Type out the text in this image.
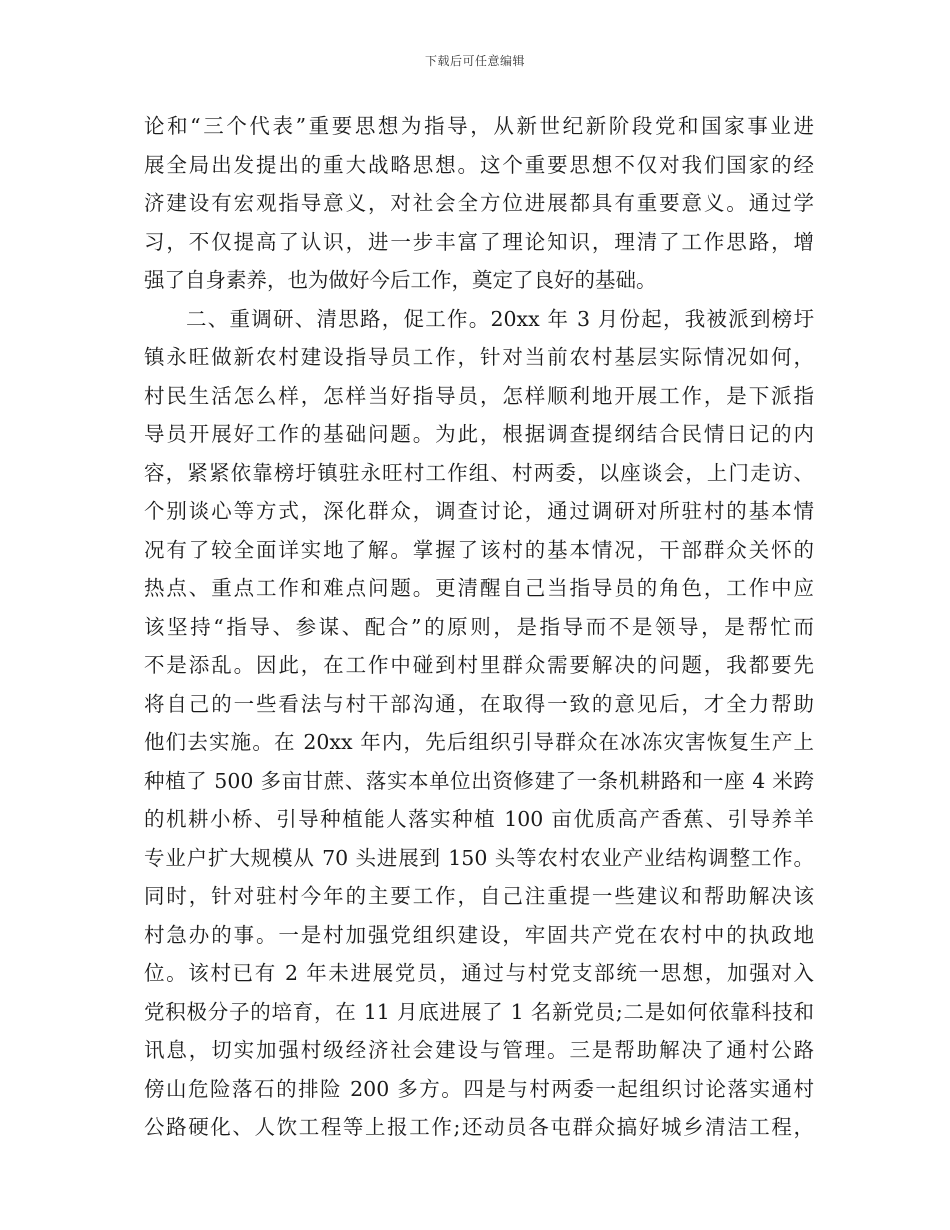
下载后可任意编辑
论和“三个代表”重要思想为指导，从新世纪新阶段党和国家事业进
展全局出发提出的重大战略思想。这个重要思想不仅对我们国家的经
济建设有宏观指导意义，对社会全方位进展都具有重要意义。通过学
习，不仅提高了认识，进一步丰富了理论知识，理清了工作思路，增
强了自身素养，也为做好今后工作，奠定了良好的基础。
二、重调研、清思路，促工作。20xx 年 3 月份起，我被派到榜圩
镇永旺做新农村建设指导员工作，针对当前农村基层实际情况如何，
村民生活怎么样，怎样当好指导员，怎样顺利地开展工作，是下派指
导员开展好工作的基础问题。为此，根据调查提纲结合民情日记的内
容，紧紧依靠榜圩镇驻永旺村工作组、村两委，以座谈会，上门走访、
个别谈心等方式，深化群众，调查讨论，通过调研对所驻村的基本情
况有了较全面详实地了解。掌握了该村的基本情况，干部群众关怀的
热点、重点工作和难点问题。更清醒自己当指导员的角色，工作中应
该坚持“指导、参谋、配合”的原则，是指导而不是领导，是帮忙而
不是添乱。因此，在工作中碰到村里群众需要解决的问题，我都要先
将自己的一些看法与村干部沟通，在取得一致的意见后，才全力帮助
他们去实施。在 20xx 年内，先后组织引导群众在冰冻灾害恢复生产上
种植了 500 多亩甘蔗、落实本单位出资修建了一条机耕路和一座 4 米跨
的机耕小桥、引导种植能人落实种植 100 亩优质高产香蕉、引导养羊
专业户扩大规模从 70 头进展到 150 头等农村农业产业结构调整工作。
同时，针对驻村今年的主要工作，自己注重提一些建议和帮助解决该
村急办的事。一是村加强党组织建设，牢固共产党在农村中的执政地
位。该村已有 2 年未进展党员，通过与村党支部统一思想，加强对入
党积极分子的培育，在 11 月底进展了 1 名新党员;二是如何依靠科技和
讯息，切实加强村级经济社会建设与管理。三是帮助解决了通村公路
傍山危险落石的排险 200 多方。四是与村两委一起组织讨论落实通村
公路硬化、人饮工程等上报工作;还动员各屯群众搞好城乡清洁工程，
